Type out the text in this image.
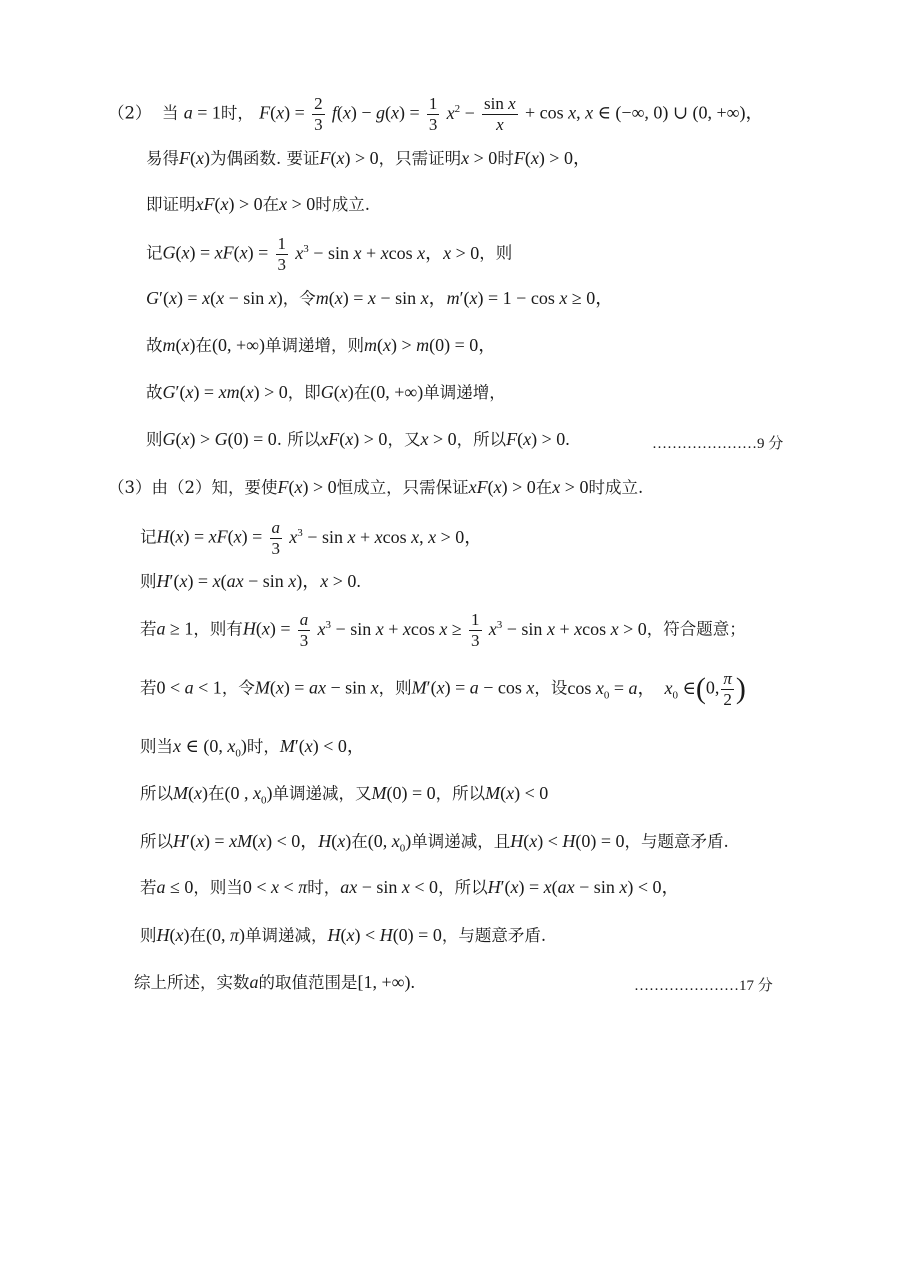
（2） 当 a = 1时， $F(x) = \frac{2}{3} f(x) - g(x) = \frac{1}{3} x^2 - \frac{\text{sin x}}{x} + \cos x$, x ∈ (−∞, 0) ∪ (0, +∞)，
易得F(x)为偶函数. 要证F(x) > 0，只需证明x > 0时F(x) > 0，
即证明xF(x) > 0在x > 0时成立.
记$G(x) = xF(x) = \frac{1}{3} x^3 - \sin x + xcos$ x，x > 0，则
G′(x) = x(x − sin x)，令m(x) = x − sin x，m′(x) = 1 − cos x ≥ 0，
故m(x)在(0, +∞)单调递增，则m(x) > m(0) = 0，
故G′(x) = xm(x) > 0，即G(x)在(0, +∞)单调递增，
则G(x) > G(0) = 0. 所以xF(x) > 0，又x > 0，所以F(x) > 0.	…………………9 分
（3）由（2）知，要使F(x) > 0恒成立，只需保证xF(x) > 0在x > 0时成立.
记$H(x) = xF(x) = \frac{a}{3} x^3 - \sin x + xcos$ x, x > 0，
则H′(x) = x(ax − sin x)，x > 0.
若a ≥ 1，则有$H(x) = \frac{a}{3} x^3 - \sin x + xcos$ $x \ge \frac{1}{3} x^3 - \sin x + xcos$ x > 0，符合题意；
若0 < a < 1，令M(x) = ax − sin x，则M′(x) = a − cos x，设$\cos x_0 = a$，  $x_0$ ∈(0, $\frac{\pi}{2}$ )
则当x ∈ (0, $x_0$)时，M′(x) < 0，
所以M(x)在(0 , $x_0$)单调递减，又M(0) = 0，所以M(x) < 0
所以H′(x) = xM(x) < 0，H(x)在(0, $x_0$)单调递减，且H(x) < H(0) = 0，与题意矛盾.
若a ≤ 0，则当0 < x < π时，ax − sin x < 0，所以H′(x) = x(ax − sin x) < 0，
则H(x)在(0, π)单调递减，H(x) < H(0) = 0，与题意矛盾.
综上所述，实数a的取值范围是[1, +∞).	…………………17 分
